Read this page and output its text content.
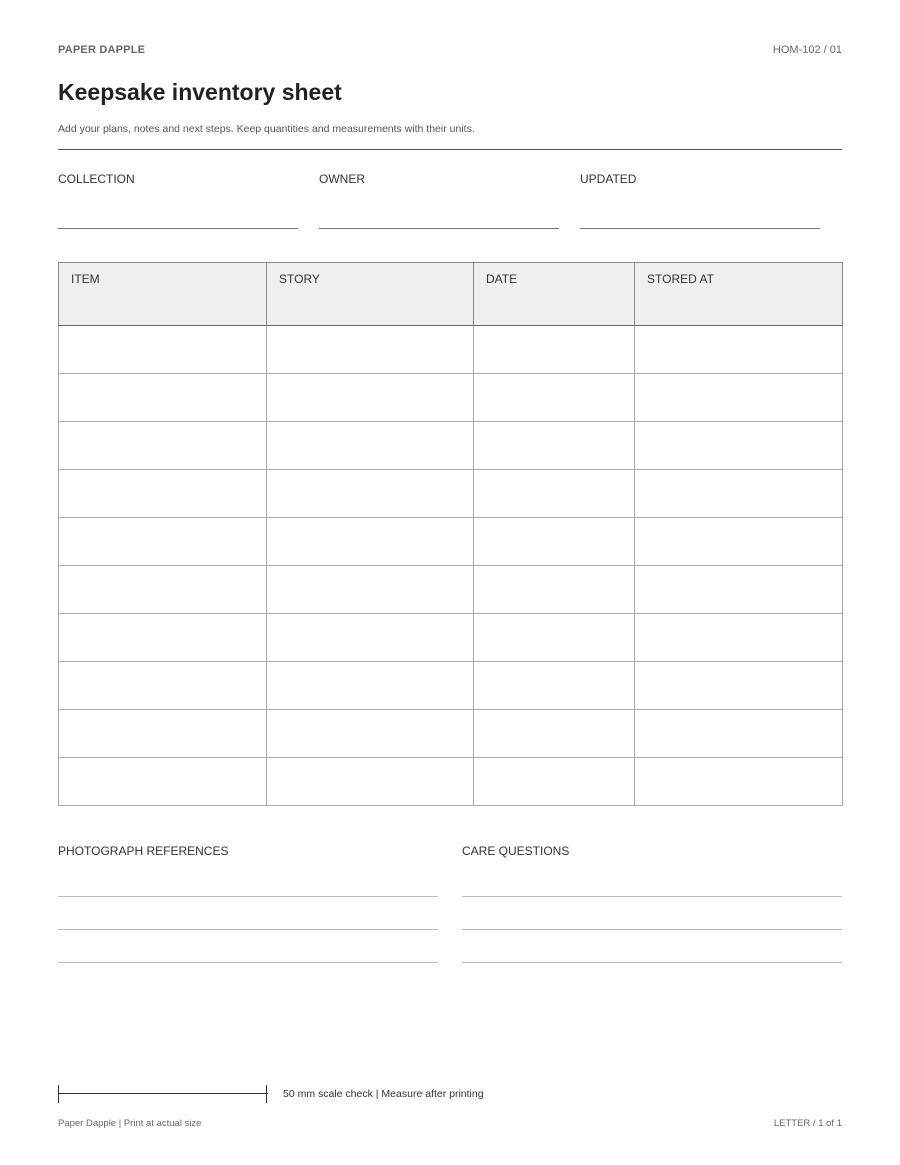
PAPER DAPPLE	HOM-102 / 01
Keepsake inventory sheet
Add your plans, notes and next steps. Keep quantities and measurements with their units.
COLLECTION	OWNER	UPDATED
ITEM	STORY	DATE	STORED AT

PHOTOGRAPH REFERENCES	CARE QUESTIONS
50 mm scale check | Measure after printing
Paper Dapple | Print at actual size	LETTER / 1 of 1
